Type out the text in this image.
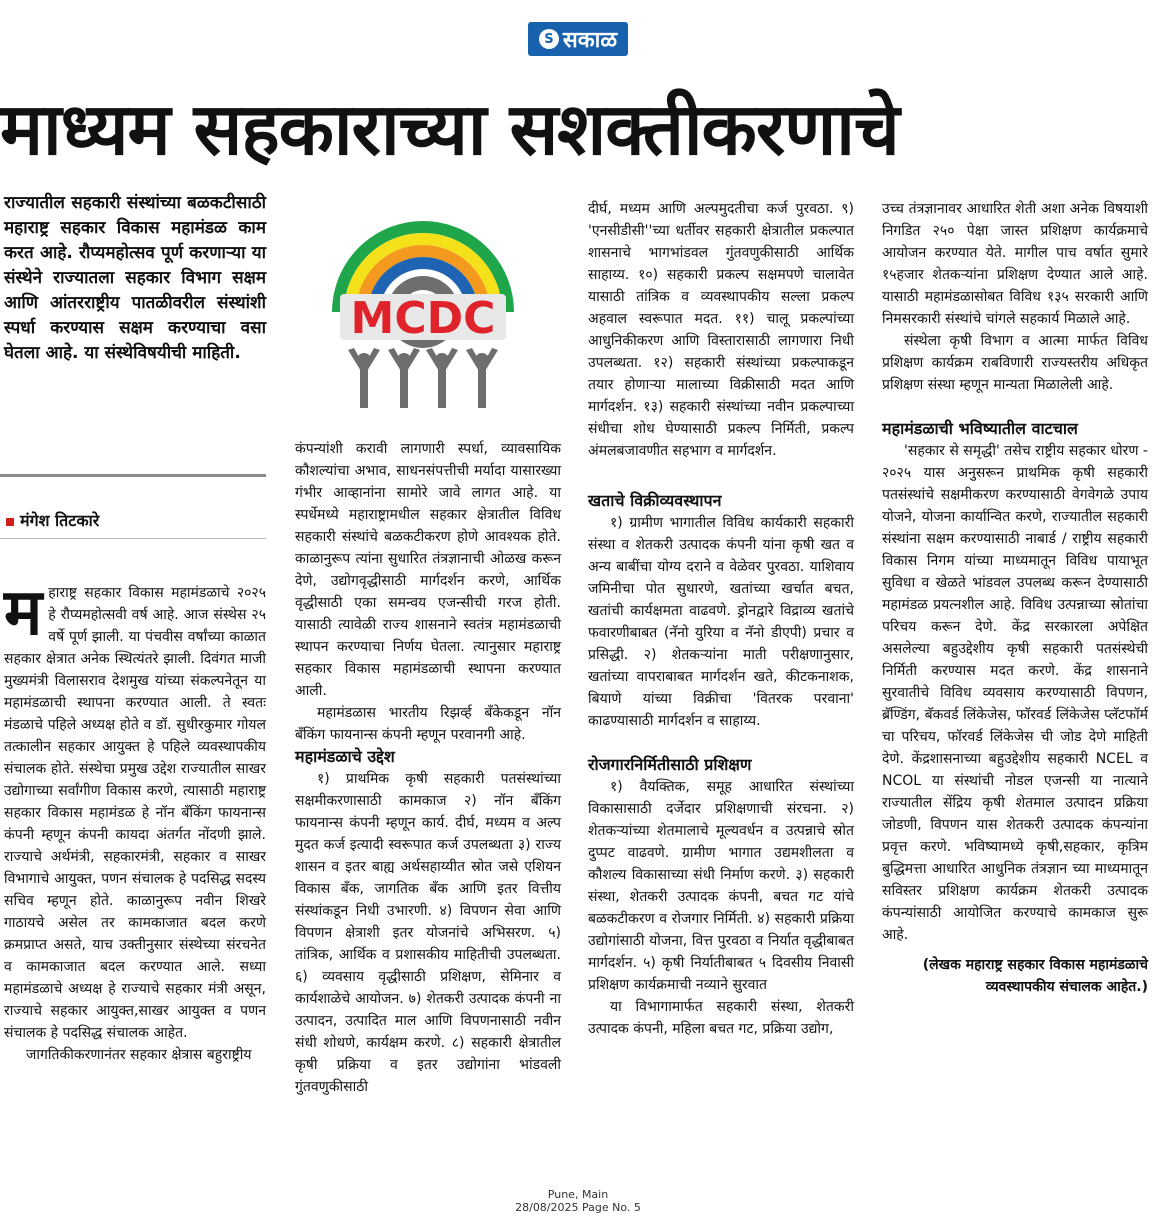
S सकाळ
माध्यम सहकाराच्या सशक्तीकरणाचे

राज्यातील सहकारी संस्थांच्या बळकटीसाठी महाराष्ट्र सहकार विकास महामंडळ काम करत आहे. रौप्यमहोत्सव पूर्ण करणाऱ्या या संस्थेने राज्यातला सहकार विभाग सक्षम आणि आंतरराष्ट्रीय पातळीवरील संस्थांशी स्पर्धा करण्यास सक्षम करण्याचा वसा घेतला आहे. या संस्थेविषयीची माहिती.

मंगेश तिटकारे
म हाराष्ट्र सहकार विकास महामंडळाचे २०२५ हे रौप्यमहोत्सवी वर्ष आहे. आज संस्थेस २५ वर्षे पूर्ण झाली. या पंचवीस वर्षांच्या काळात सहकार क्षेत्रात अनेक स्थित्यंतरे झाली. दिवंगत माजी मुख्यमंत्री विलासराव देशमुख यांच्या संकल्पनेतून या महामंडळाची स्थापना करण्यात आली. ते स्वतः मंडळाचे पहिले अध्यक्ष होते व डॉ. सुधीरकुमार गोयल तत्कालीन सहकार आयुक्त हे पहिले व्यवस्थापकीय संचालक होते. संस्थेचा प्रमुख उद्देश राज्यातील साखर उद्योगाच्या सर्वांगीण विकास करणे, त्यासाठी महाराष्ट्र सहकार विकास महामंडळ हे नॉन बँकिंग फायनान्स कंपनी म्हणून कंपनी कायदा अंतर्गत नोंदणी झाले. राज्याचे अर्थमंत्री, सहकारमंत्री, सहकार व साखर विभागाचे आयुक्त, पणन संचालक हे पदसिद्ध सदस्य सचिव म्हणून होते. काळानुरूप नवीन शिखरे गाठायचे असेल तर कामकाजात बदल करणे क्रमप्राप्त असते, याच उक्तीनुसार संस्थेच्या संरचनेत व कामकाजात बदल करण्यात आले. सध्या महामंडळाचे अध्यक्ष हे राज्याचे सहकार मंत्री असून, राज्याचे सहकार आयुक्त,साखर आयुक्त व पणन संचालक हे पदसिद्ध संचालक आहेत.

जागतिकीकरणानंतर सहकार क्षेत्रास बहुराष्ट्रीय

MCDC

कंपन्यांशी करावी लागणारी स्पर्धा, व्यावसायिक कौशल्यांचा अभाव, साधनसंपत्तीची मर्यादा यासारख्या गंभीर आव्हानांना सामोरे जावे लागत आहे. या स्पर्धेमध्ये महाराष्ट्रामधील सहकार क्षेत्रातील विविध सहकारी संस्थांचे बळकटीकरण होणे आवश्यक होते. काळानुरूप त्यांना सुधारित तंत्रज्ञानाची ओळख करून देणे, उद्योगवृद्धीसाठी मार्गदर्शन करणे, आर्थिक वृद्धीसाठी एका समन्वय एजन्सीची गरज होती. यासाठी त्यावेळी राज्य शासनाने स्वतंत्र महामंडळाची स्थापन करण्याचा निर्णय घेतला. त्यानुसार महाराष्ट्र सहकार विकास महामंडळाची स्थापना करण्यात आली.

महामंडळास भारतीय रिझर्व्ह बँकेकडून नॉन बँकिंग फायनान्स कंपनी म्हणून परवानगी आहे.

महामंडळाचे उद्देश

१) प्राथमिक कृषी सहकारी पतसंस्थांच्या सक्षमीकरणासाठी कामकाज २) नॉन बँकिंग फायनान्स कंपनी म्हणून कार्य. दीर्घ, मध्यम व अल्प मुदत कर्ज इत्यादी स्वरूपात कर्ज उपलब्धता ३) राज्य शासन व इतर बाह्य अर्थसहाय्यीत स्रोत जसे एशियन विकास बँक, जागतिक बँक आणि इतर वित्तीय संस्थांकडून निधी उभारणी. ४) विपणन सेवा आणि विपणन क्षेत्राशी इतर योजनांचे अभिसरण. ५) तांत्रिक, आर्थिक व प्रशासकीय माहितीची उपलब्धता. ६) व्यवसाय वृद्धीसाठी प्रशिक्षण, सेमिनार व कार्यशाळेचे आयोजन. ७) शेतकरी उत्पादक कंपनी ना उत्पादन, उत्पादित माल आणि विपणनासाठी नवीन संधी शोधणे, कार्यक्षम करणे. ८) सहकारी क्षेत्रातील कृषी प्रक्रिया व इतर उद्योगांना भांडवली गुंतवणुकीसाठी

दीर्घ, मध्यम आणि अल्पमुदतीचा कर्ज पुरवठा. ९) 'एनसीडीसी''च्या धर्तीवर सहकारी क्षेत्रातील प्रकल्पात शासनाचे भागभांडवल गुंतवणुकीसाठी आर्थिक साहाय्य. १०) सहकारी प्रकल्प सक्षमपणे चालावेत यासाठी तांत्रिक व व्यवस्थापकीय सल्ला प्रकल्प अहवाल स्वरूपात मदत. ११) चालू प्रकल्पांच्या आधुनिकीकरण आणि विस्तारासाठी लागणारा निधी उपलब्धता. १२) सहकारी संस्थांच्या प्रकल्पाकडून तयार होणाऱ्या मालाच्या विक्रीसाठी मदत आणि मार्गदर्शन. १३) सहकारी संस्थांच्या नवीन प्रकल्पाच्या संधीचा शोध घेण्यासाठी प्रकल्प निर्मिती, प्रकल्प अंमलबजावणीत सहभाग व मार्गदर्शन.

खताचे विक्रीव्यवस्थापन

१) ग्रामीण भागातील विविध कार्यकारी सहकारी संस्था व शेतकरी उत्पादक कंपनी यांना कृषी खत व अन्य बाबींचा योग्य दराने व वेळेवर पुरवठा. याशिवाय जमिनीचा पोत सुधारणे, खतांच्या खर्चात बचत, खतांची कार्यक्षमता वाढवणे. ड्रोनद्वारे विद्राव्य खतांचे फवारणीबाबत (नॅनो युरिया व नॅनो डीएपी) प्रचार व प्रसिद्धी. २) शेतकऱ्यांना माती परीक्षणानुसार, खतांच्या वापराबाबत मार्गदर्शन खते, कीटकनाशक, बियाणे यांच्या विक्रीचा 'वितरक परवाना' काढण्यासाठी मार्गदर्शन व साहाय्य.

रोजगारनिर्मितीसाठी प्रशिक्षण

१) वैयक्तिक, समूह आधारित संस्थांच्या विकासासाठी दर्जेदार प्रशिक्षणाची संरचना. २) शेतकऱ्यांच्या शेतमालाचे मूल्यवर्धन व उत्पन्नाचे स्रोत दुप्पट वाढवणे. ग्रामीण भागात उद्यमशीलता व कौशल्य विकासाच्या संधी निर्माण करणे. ३) सहकारी संस्था, शेतकरी उत्पादक कंपनी, बचत गट यांचे बळकटीकरण व रोजगार निर्मिती. ४) सहकारी प्रक्रिया उद्योगांसाठी योजना, वित्त पुरवठा व निर्यात वृद्धीबाबत मार्गदर्शन. ५) कृषी निर्यातीबाबत ५ दिवसीय निवासी प्रशिक्षण कार्यक्रमाची नव्याने सुरवात

या विभागामार्फत सहकारी संस्था, शेतकरी उत्पादक कंपनी, महिला बचत गट, प्रक्रिया उद्योग,

उच्च तंत्रज्ञानावर आधारित शेती अशा अनेक विषयाशी निगडित २५० पेक्षा जास्त प्रशिक्षण कार्यक्रमाचे आयोजन करण्यात येते. मागील पाच वर्षात सुमारे १५हजार शेतकऱ्यांना प्रशिक्षण देण्यात आले आहे. यासाठी महामंडळासोबत विविध १३५ सरकारी आणि निमसरकारी संस्थांचे चांगले सहकार्य मिळाले आहे.

संस्थेला कृषी विभाग व आत्मा मार्फत विविध प्रशिक्षण कार्यक्रम राबविणारी राज्यस्तरीय अधिकृत प्रशिक्षण संस्था म्हणून मान्यता मिळालेली आहे.

महामंडळाची भविष्यातील वाटचाल

'सहकार से समृद्धी' तसेच राष्ट्रीय सहकार धोरण - २०२५ यास अनुसरून प्राथमिक कृषी सहकारी पतसंस्थांचे सक्षमीकरण करण्यासाठी वेगवेगळे उपाय योजने, योजना कार्यान्वित करणे, राज्यातील सहकारी संस्थांना सक्षम करण्यासाठी नाबार्ड / राष्ट्रीय सहकारी विकास निगम यांच्या माध्यमातून विविध पायाभूत सुविधा व खेळते भांडवल उपलब्ध करून देण्यासाठी महामंडळ प्रयत्नशील आहे. विविध उत्पन्नाच्या स्रोतांचा परिचय करून देणे. केंद्र सरकारला अपेक्षित असलेल्या बहुउद्देशीय कृषी सहकारी पतसंस्थेची निर्मिती करण्यास मदत करणे. केंद्र शासनाने सुरवातीचे विविध व्यवसाय करण्यासाठी विपणन, ब्रॅण्डिंग, बॅकवर्ड लिंकेजेस, फॉरवर्ड लिंकेजेस प्लॅटफॉर्म चा परिचय, फॉरवर्ड लिंकेजेस ची जोड देणे माहिती देणे. केंद्रशासनाच्या बहुउद्देशीय सहकारी NCEL व NCOL या संस्थांची नोडल एजन्सी या नात्याने राज्यातील सेंद्रिय कृषी शेतमाल उत्पादन प्रक्रिया जोडणी, विपणन यास शेतकरी उत्पादक कंपन्यांना प्रवृत्त करणे. भविष्यामध्ये कृषी,सहकार, कृत्रिम बुद्धिमत्ता आधारित आधुनिक तंत्रज्ञान च्या माध्यमातून सविस्तर प्रशिक्षण कार्यक्रम शेतकरी उत्पादक कंपन्यांसाठी आयोजित करण्याचे कामकाज सुरू आहे.

(लेखक महाराष्ट्र सहकार विकास महामंडळाचे व्यवस्थापकीय संचालक आहेत.)

Pune, Main
28/08/2025 Page No. 5
